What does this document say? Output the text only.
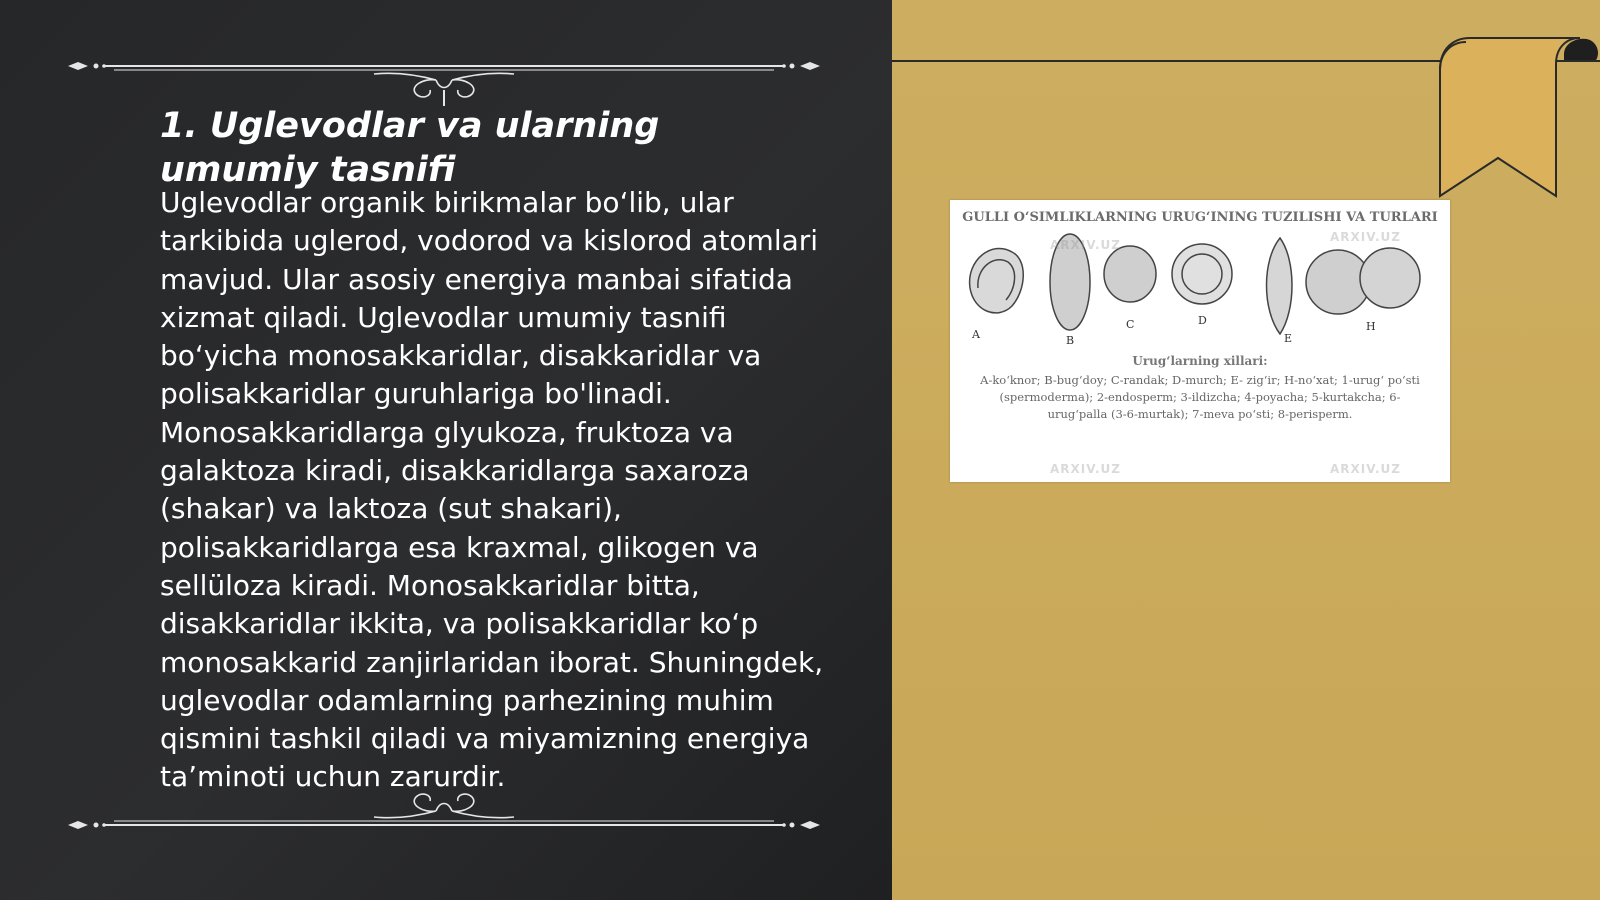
1. Uglevodlar va ularning umumiy tasnifi

Uglevodlar organik birikmalar bo‘lib, ular tarkibida uglerod, vodorod va kislorod atomlari mavjud. Ular asosiy energiya manbai sifatida xizmat qiladi. Uglevodlar umumiy tasnifi bo‘yicha monosakkaridlar, disakkaridlar va polisakkaridlar guruhlariga bo'linadi. Monosakkaridlarga glyukoza, fruktoza va galaktoza kiradi, disakkaridlarga saxaroza (shakar) va laktoza (sut shakari), polisakkaridlarga esa kraxmal, glikogen va sellüloza kiradi. Monosakkaridlar bitta, disakkaridlar ikkita, va polisakkaridlar ko‘p monosakkarid zanjirlaridan iborat. Shuningdek, uglevodlar odamlarning parhezining muhim qismini tashkil qiladi va miyamizning energiya ta’minoti uchun zarurdir.

GULLI O‘SIMLIKLARNING URUG‘INING TUZILISHI VA TURLARI
A	B
C	D
E
H
Urug‘larning xillari:
A-ko‘knor; B-bug‘doy; C-randak; D-murch; E- zig‘ir; H-no‘xat; 1-urug‘ po‘sti (spermodermа); 2-endosperm; 3-ildizcha; 4-poyacha; 5-kurtakcha; 6-urug‘palla (3-6-murtak); 7-meva po‘sti; 8-perisperm.
ARXIV.UZ
ARXIV.UZ
ARXIV.UZ	ARXIV.UZ
